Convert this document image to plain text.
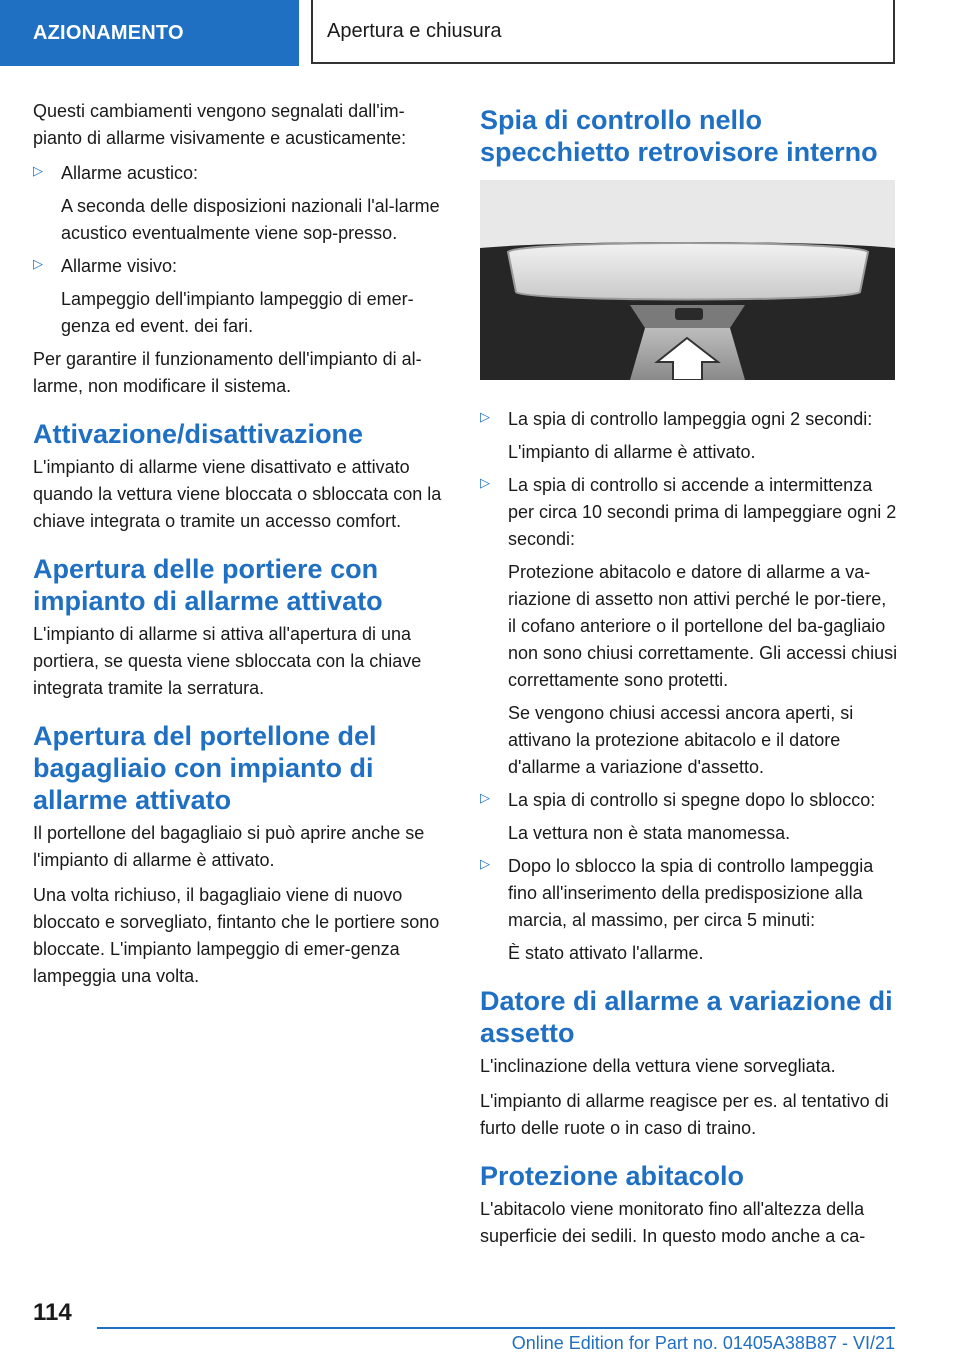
AZIONAMENTO	Apertura e chiusura

Questi cambiamenti vengono segnalati dall'im-pianto di allarme visivamente e acusticamente:

▷ Allarme acustico:

A seconda delle disposizioni nazionali l'al-larme acustico eventualmente viene sop-presso.

▷ Allarme visivo:

Lampeggio dell'impianto lampeggio di emer-genza ed event. dei fari.

Per garantire il funzionamento dell'impianto di al-larme, non modificare il sistema.

Attivazione/disattivazione

L'impianto di allarme viene disattivato e attivato quando la vettura viene bloccata o sbloccata con la chiave integrata o tramite un accesso comfort.

Apertura delle portiere con impianto di allarme attivato

L'impianto di allarme si attiva all'apertura di una portiera, se questa viene sbloccata con la chiave integrata tramite la serratura.

Apertura del portellone del bagagliaio con impianto di allarme attivato

Il portellone del bagagliaio si può aprire anche se l'impianto di allarme è attivato.

Una volta richiuso, il bagagliaio viene di nuovo bloccato e sorvegliato, fintanto che le portiere sono bloccate. L'impianto lampeggio di emer-genza lampeggia una volta.

Spia di controllo nello specchietto retrovisore interno
▷ La spia di controllo lampeggia ogni 2 secondi:

L'impianto di allarme è attivato.

▷ La spia di controllo si accende a intermittenza per circa 10 secondi prima di lampeggiare ogni 2 secondi:

Protezione abitacolo e datore di allarme a va-riazione di assetto non attivi perché le por-tiere, il cofano anteriore o il portellone del ba-gagliaio non sono chiusi correttamente. Gli accessi chiusi correttamente sono protetti.

Se vengono chiusi accessi ancora aperti, si attivano la protezione abitacolo e il datore d'allarme a variazione d'assetto.

▷ La spia di controllo si spegne dopo lo sblocco:

La vettura non è stata manomessa.

▷ Dopo lo sblocco la spia di controllo lampeggia fino all'inserimento della predisposizione alla marcia, al massimo, per circa 5 minuti:

È stato attivato l'allarme.

Datore di allarme a variazione di assetto

L'inclinazione della vettura viene sorvegliata.

L'impianto di allarme reagisce per es. al tentativo di furto delle ruote o in caso di traino.

Protezione abitacolo

L'abitacolo viene monitorato fino all'altezza della superficie dei sedili. In questo modo anche a ca-

114
Online Edition for Part no. 01405A38B87 - VI/21
